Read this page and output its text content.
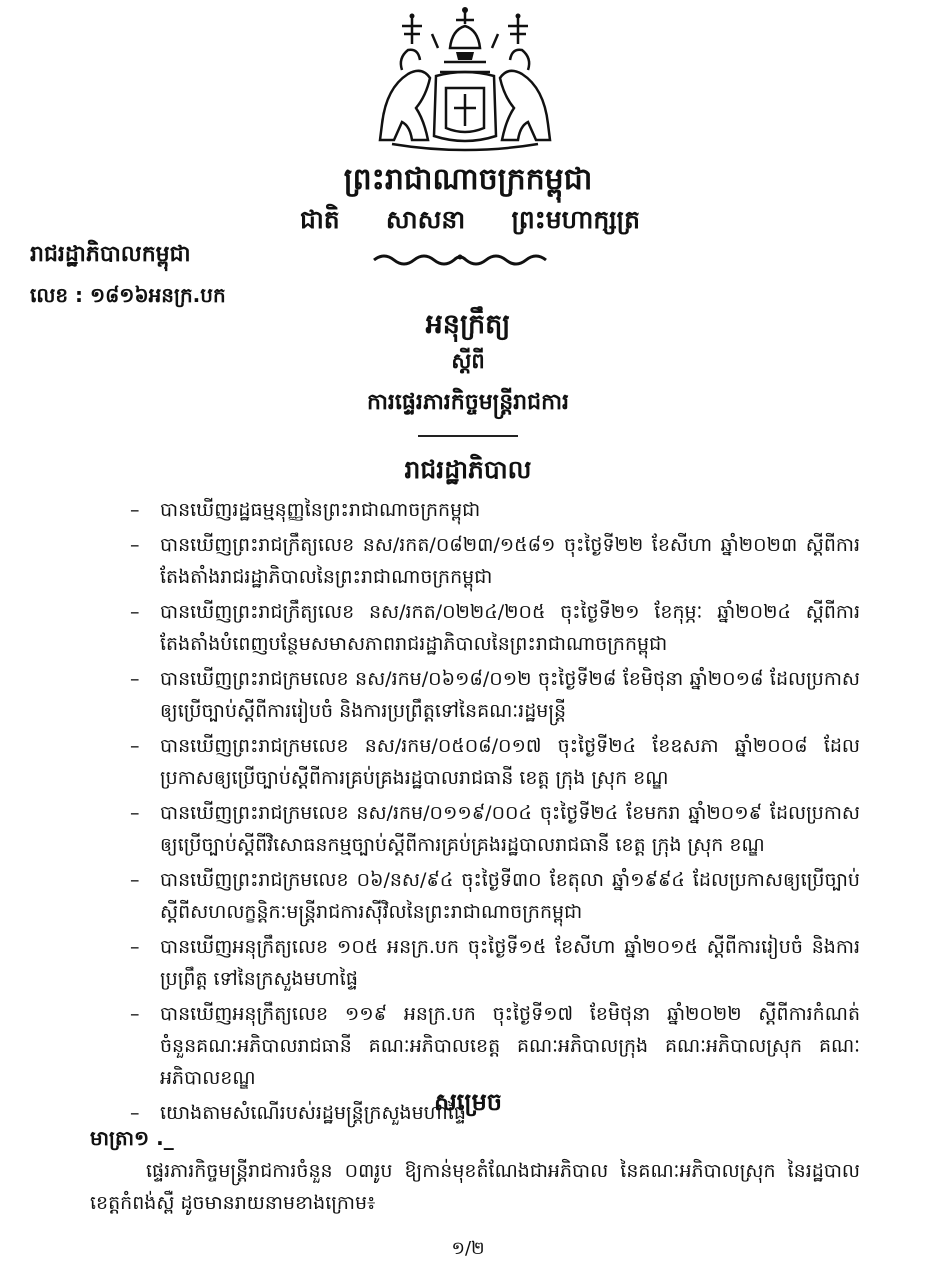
ព្រះរាជាណាចក្រកម្ពុជា
ជាតិ សាសនា ព្រះមហាក្សត្រ
រាជរដ្ឋាភិបាលកម្ពុជា
លេខ : ១៨១៦អនក្រ.បក
អនុក្រឹត្យ
ស្ដីពី
ការផ្ទេរភារកិច្ចមន្ត្រីរាជការ
រាជរដ្ឋាភិបាល
– បានឃើញរដ្ឋធម្មនុញ្ញនៃព្រះរាជាណាចក្រកម្ពុជា
– បានឃើញព្រះរាជក្រឹត្យលេខ នស/រកត/០៨២៣/១៥៨១ ចុះថ្ងៃទី២២ ខែសីហា ឆ្នាំ២០២៣ ស្ដីពីការតែងតាំងរាជរដ្ឋាភិបាលនៃព្រះរាជាណាចក្រកម្ពុជា
– បានឃើញព្រះរាជក្រឹត្យលេខ នស/រកត/០២២៤/២០៥ ចុះថ្ងៃទី២១ ខែកុម្ភៈ ឆ្នាំ២០២៤ ស្ដីពីការតែងតាំងបំពេញបន្ថែមសមាសភាពរាជរដ្ឋាភិបាលនៃព្រះរាជាណាចក្រកម្ពុជា
– បានឃើញព្រះរាជក្រមលេខ នស/រកម/០៦១៨/០១២ ចុះថ្ងៃទី២៨ ខែមិថុនា ឆ្នាំ២០១៨ ដែលប្រកាស ឲ្យប្រើច្បាប់ស្ដីពីការរៀបចំ និងការប្រព្រឹត្តទៅនៃគណៈរដ្ឋមន្ត្រី
– បានឃើញព្រះរាជក្រមលេខ នស/រកម/០៥០៨/០១៧ ចុះថ្ងៃទី២៤ ខែឧសភា ឆ្នាំ២០០៨ ដែលប្រកាសឲ្យប្រើច្បាប់ស្ដីពីការគ្រប់គ្រងរដ្ឋបាលរាជធានី ខេត្ត ក្រុង ស្រុក ខណ្ឌ
– បានឃើញព្រះរាជក្រមលេខ នស/រកម/០១១៩/០០៤ ចុះថ្ងៃទី២៤ ខែមករា ឆ្នាំ២០១៩ ដែលប្រកាសឲ្យប្រើច្បាប់ស្ដីពីវិសោធនកម្មច្បាប់ស្ដីពីការគ្រប់គ្រងរដ្ឋបាលរាជធានី ខេត្ត ក្រុង ស្រុក ខណ្ឌ
– បានឃើញព្រះរាជក្រមលេខ ០៦/នស/៩៤ ចុះថ្ងៃទី៣០ ខែតុលា ឆ្នាំ១៩៩៤ ដែលប្រកាសឲ្យប្រើច្បាប់ស្ដីពីសហលក្ខន្តិកៈមន្ត្រីរាជការស៊ីវិលនៃព្រះរាជាណាចក្រកម្ពុជា
– បានឃើញអនុក្រឹត្យលេខ ១០៥ អនក្រ.បក ចុះថ្ងៃទី១៥ ខែសីហា ឆ្នាំ២០១៥ ស្ដីពីការរៀបចំ និងការប្រព្រឹត្ត ទៅនៃក្រសួងមហាផ្ទៃ
– បានឃើញអនុក្រឹត្យលេខ ១១៩ អនក្រ.បក ចុះថ្ងៃទី១៧ ខែមិថុនា ឆ្នាំ២០២២ ស្ដីពីការកំណត់ចំនួនគណៈអភិបាលរាជធានី គណៈអភិបាលខេត្ត គណៈអភិបាលក្រុង គណៈអភិបាលស្រុក គណៈអភិបាលខណ្ឌ
– យោងតាមសំណើរបស់រដ្ឋមន្ត្រីក្រសួងមហាផ្ទៃ
សម្រេច
មាត្រា១ ._
ផ្ទេរភារកិច្ចមន្ត្រីរាជការចំនួន ០៣រូប ឱ្យកាន់មុខតំណែងជាអភិបាល នៃគណៈអភិបាលស្រុក នៃរដ្ឋបាលខេត្តកំពង់ស្ពឺ ដូចមានរាយនាមខាងក្រោម៖
១/២
